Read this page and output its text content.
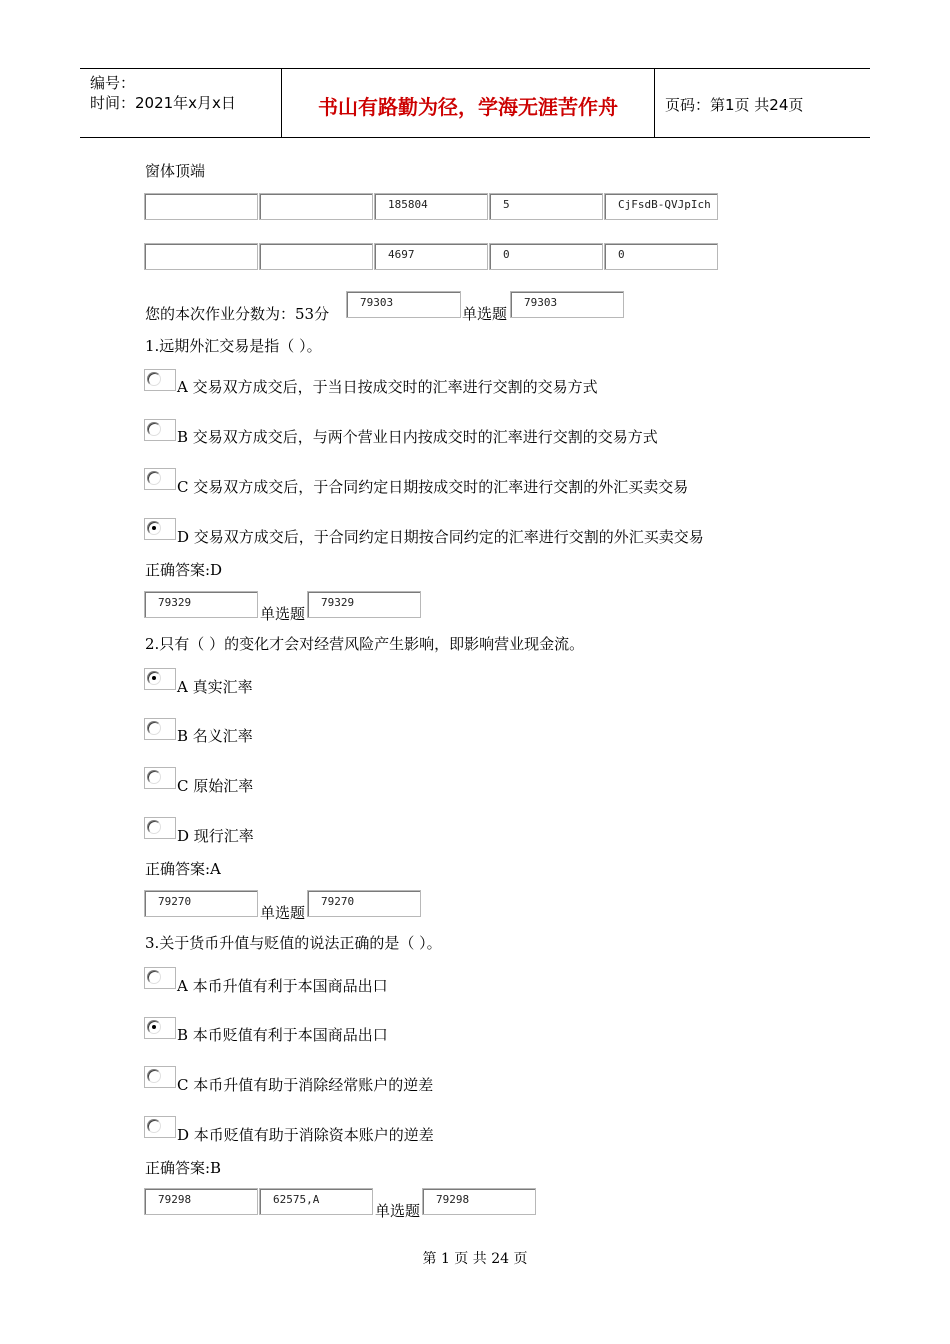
编号：
时间：2021年x月x日	书山有路勤为径，学海无涯苦作舟	页码：第1页 共24页
窗体顶端
185804	5	CjFsdB-QVJpIch
4697	0	0
您的本次作业分数为：53分
79303
单选题
79303
1.远期外汇交易是指（ ）。
A 交易双方成交后，于当日按成交时的汇率进行交割的交易方式
B 交易双方成交后，与两个营业日内按成交时的汇率进行交割的交易方式
C 交易双方成交后，于合同约定日期按成交时的汇率进行交割的外汇买卖交易
D 交易双方成交后，于合同约定日期按合同约定的汇率进行交割的外汇买卖交易
正确答案:D
79329
单选题
79329
2.只有（ ）的变化才会对经营风险产生影响，即影响营业现金流。
A 真实汇率
B 名义汇率
C 原始汇率
D 现行汇率
正确答案:A
79270
单选题
79270
3.关于货币升值与贬值的说法正确的是（ ）。
A 本币升值有利于本国商品出口
B 本币贬值有利于本国商品出口
C 本币升值有助于消除经常账户的逆差
D 本币贬值有助于消除资本账户的逆差
正确答案:B
79298	62575,A
单选题
79298
第 1 页 共 24 页
